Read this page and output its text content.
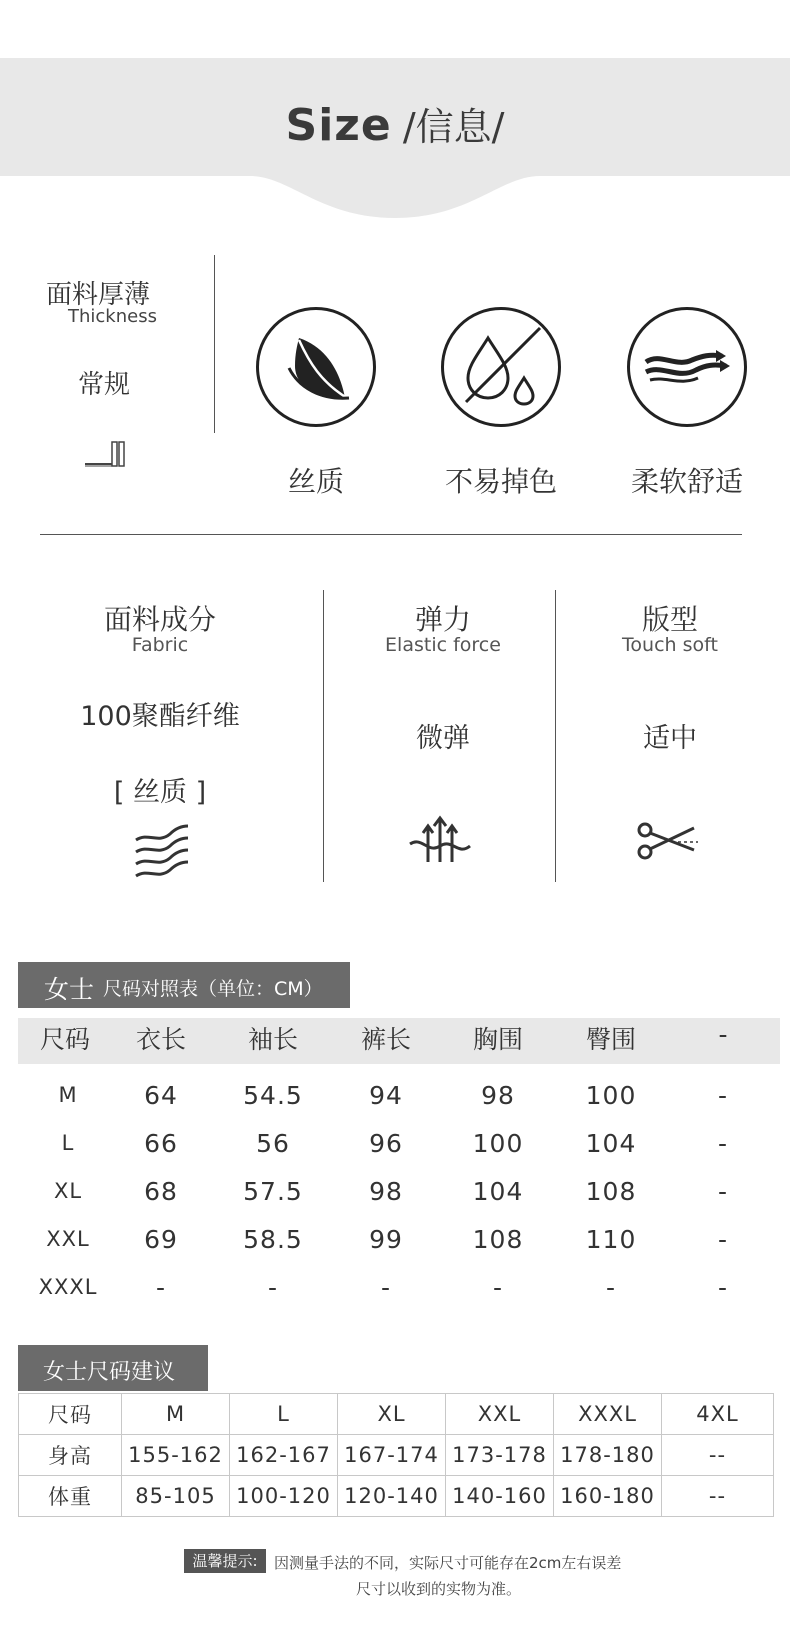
Size /信息/
面料厚薄
Thickness
常规
丝质	不易掉色	柔软舒适
面料成分
Fabric
100聚酯纤维
[ 丝质 ]
弹力
Elastic force
微弹
版型
Touch soft
适中
女士 尺码对照表（单位：CM）
尺码	衣长	袖长	裤长	胸围	臀围	-
M	64	54.5	94	98	100	-
L	66	56	96	100	104	-
XL	68	57.5	98	104	108	-
XXL	69	58.5	99	108	110	-
XXXL	-	-	-	-	-	-
女士尺码建议
尺码	M	L	XL	XXL	XXXL	4XL
身高	155-162	162-167	167-174	173-178	178-180	--
体重	85-105	100-120	120-140	140-160	160-180	--
温馨提示:	因测量手法的不同，实际尺寸可能存在2cm左右误差
尺寸以收到的实物为准。
